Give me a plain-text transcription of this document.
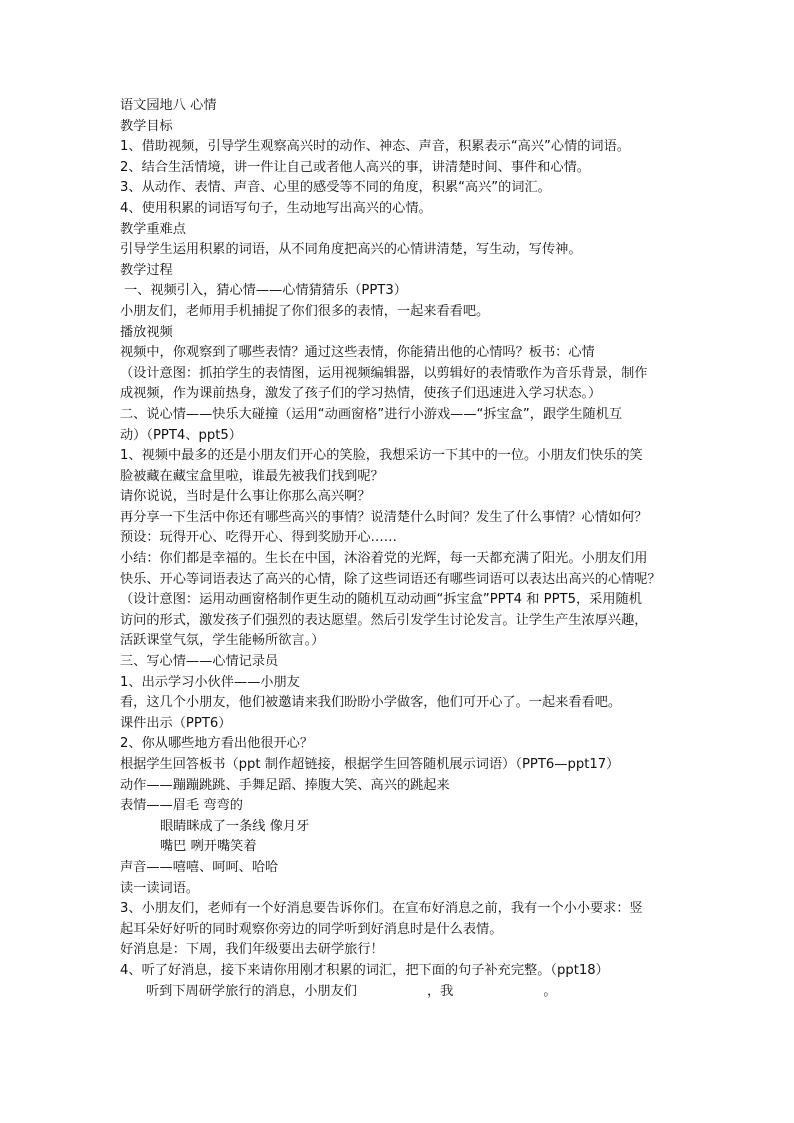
语文园地八 心情
教学目标
1、借助视频，引导学生观察高兴时的动作、神态、声音，积累表示“高兴”心情的词语。
2、结合生活情境，讲一件让自己或者他人高兴的事，讲清楚时间、事件和心情。
3、从动作、表情、声音、心里的感受等不同的角度，积累“高兴”的词汇。
4、使用积累的词语写句子，生动地写出高兴的心情。
教学重难点
引导学生运用积累的词语，从不同角度把高兴的心情讲清楚，写生动，写传神。
教学过程
一、视频引入，猜心情——心情猜猜乐（PPT3）
小朋友们，老师用手机捕捉了你们很多的表情，一起来看看吧。
播放视频
视频中，你观察到了哪些表情？通过这些表情，你能猜出他的心情吗？板书：心情
（设计意图：抓拍学生的表情图，运用视频编辑器，以剪辑好的表情歌作为音乐背景，制作
成视频，作为课前热身，激发了孩子们的学习热情，使孩子们迅速进入学习状态。）
二、说心情——快乐大碰撞（运用“动画窗格”进行小游戏——“拆宝盒”，跟学生随机互
动）（PPT4、ppt5）
1、视频中最多的还是小朋友们开心的笑脸，我想采访一下其中的一位。小朋友们快乐的笑
脸被藏在藏宝盒里啦，谁最先被我们找到呢？
请你说说，当时是什么事让你那么高兴啊？
再分享一下生活中你还有哪些高兴的事情？说清楚什么时间？发生了什么事情？心情如何？
预设：玩得开心、吃得开心、得到奖励开心……
小结：你们都是幸福的。生长在中国，沐浴着党的光辉，每一天都充满了阳光。小朋友们用
快乐、开心等词语表达了高兴的心情，除了这些词语还有哪些词语可以表达出高兴的心情呢？
（设计意图：运用动画窗格制作更生动的随机互动动画“拆宝盒”PPT4 和 PPT5，采用随机
访问的形式，激发孩子们强烈的表达愿望。然后引发学生讨论发言。让学生产生浓厚兴趣，
活跃课堂气氛，学生能畅所欲言。）
三、写心情——心情记录员
1、出示学习小伙伴——小朋友
看，这几个小朋友，他们被邀请来我们盼盼小学做客，他们可开心了。一起来看看吧。
课件出示（PPT6）
2、你从哪些地方看出他很开心？
根据学生回答板书（ppt 制作超链接，根据学生回答随机展示词语）（PPT6—ppt17）
动作——蹦蹦跳跳、手舞足蹈、捧腹大笑、高兴的跳起来
表情——眉毛 弯弯的
眼睛眯成了一条线 像月牙
嘴巴 咧开嘴笑着
声音——嘻嘻、呵呵、哈哈
读一读词语。
3、小朋友们，老师有一个好消息要告诉你们。在宣布好消息之前，我有一个小小要求：竖
起耳朵好好听的同时观察你旁边的同学听到好消息时是什么表情。
好消息是：下周，我们年级要出去研学旅行！
4、听了好消息，接下来请你用刚才积累的词汇，把下面的句子补充完整。（ppt18）
听到下周研学旅行的消息，小朋友们	，我	。
